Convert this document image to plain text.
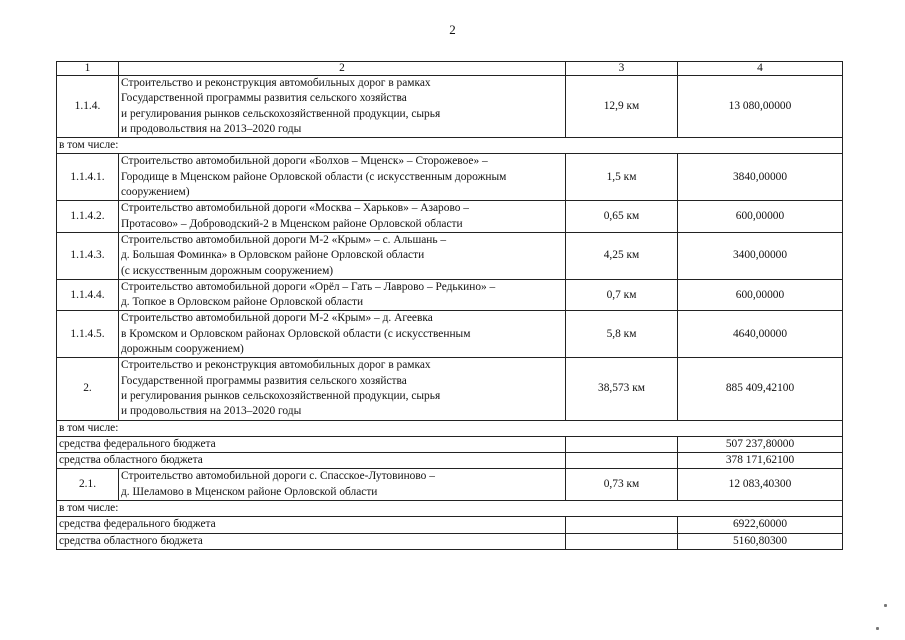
2
1	2	3	4
1.1.4.	Строительство и реконструкция автомобильных дорог в рамках
Государственной программы развития сельского хозяйства
и регулирования рынков сельскохозяйственной продукции, сырья
и продовольствия на 2013–2020 годы	12,9 км	13 080,00000
в том числе:			
1.1.4.1.	Строительство автомобильной дороги «Болхов – Мценск» – Сторожевое» –
Городище в Мценском районе Орловской области (с искусственным дорожным
сооружением)	1,5 км	3840,00000
1.1.4.2.	Строительство автомобильной дороги «Москва – Харьков» – Азарово –
Протасово» – Доброводский-2 в Мценском районе Орловской области	0,65 км	600,00000
1.1.4.3.	Строительство автомобильной дороги М-2 «Крым» – с. Альшань –
д. Большая Фоминка» в Орловском районе Орловской области
(с искусственным дорожным сооружением)	4,25 км	3400,00000
1.1.4.4.	Строительство автомобильной дороги «Орёл – Гать – Лаврово – Редькино» –
д. Топкое в Орловском районе Орловской области	0,7 км	600,00000
1.1.4.5.	Строительство автомобильной дороги М-2 «Крым» – д. Агеевка
в Кромском и Орловском районах Орловской области (с искусственным
дорожным сооружением)	5,8 км	4640,00000
2.	Строительство и реконструкция автомобильных дорог в рамках
Государственной программы развития сельского хозяйства
и регулирования рынков сельскохозяйственной продукции, сырья
и продовольствия на 2013–2020 годы	38,573 км	885 409,42100
в том числе:			
средства федерального бюджета			507 237,80000
средства областного бюджета			378 171,62100
2.1.	Строительство автомобильной дороги с. Спасское-Лутовиново –
д. Шеламово в Мценском районе Орловской области	0,73 км	12 083,40300
в том числе:			
средства федерального бюджета			6922,60000
средства областного бюджета			5160,80300
